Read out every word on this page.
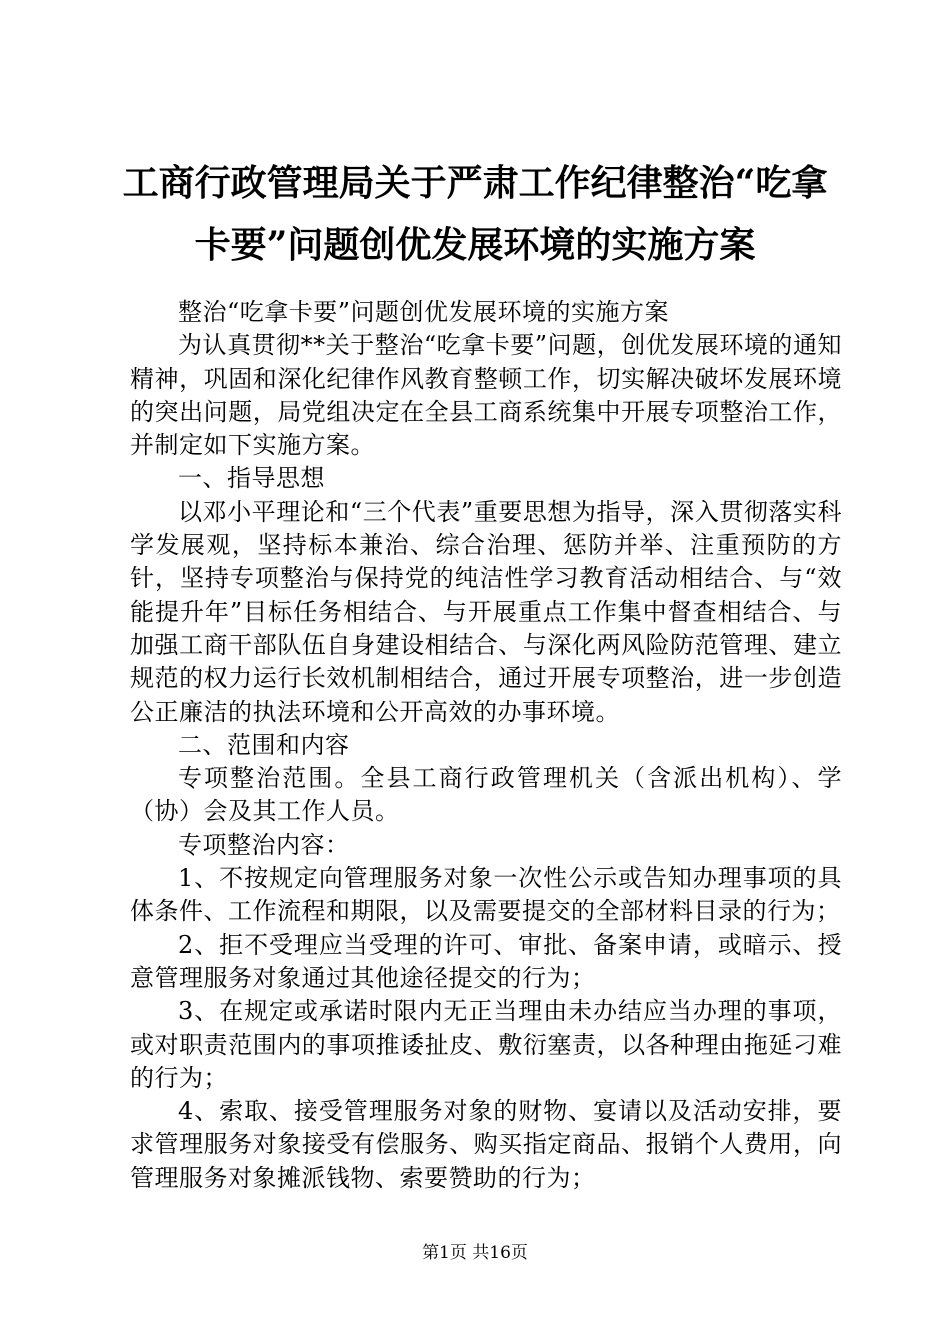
工商行政管理局关于严肃工作纪律整治“吃拿卡要”问题创优发展环境的实施方案

整治“吃拿卡要”问题创优发展环境的实施方案

为认真贯彻**关于整治“吃拿卡要”问题，创优发展环境的通知精神，巩固和深化纪律作风教育整顿工作，切实解决破坏发展环境的突出问题，局党组决定在全县工商系统集中开展专项整治工作，并制定如下实施方案。

一、指导思想

以邓小平理论和“三个代表”重要思想为指导，深入贯彻落实科学发展观，坚持标本兼治、综合治理、惩防并举、注重预防的方针，坚持专项整治与保持党的纯洁性学习教育活动相结合、与“效能提升年”目标任务相结合、与开展重点工作集中督查相结合、与加强工商干部队伍自身建设相结合、与深化两风险防范管理、建立规范的权力运行长效机制相结合，通过开展专项整治，进一步创造公正廉洁的执法环境和公开高效的办事环境。

二、范围和内容

专项整治范围。全县工商行政管理机关（含派出机构）、学（协）会及其工作人员。

专项整治内容：

1、不按规定向管理服务对象一次性公示或告知办理事项的具体条件、工作流程和期限，以及需要提交的全部材料目录的行为；

2、拒不受理应当受理的许可、审批、备案申请，或暗示、授意管理服务对象通过其他途径提交的行为；

3、在规定或承诺时限内无正当理由未办结应当办理的事项，或对职责范围内的事项推诿扯皮、敷衍塞责，以各种理由拖延刁难的行为；

4、索取、接受管理服务对象的财物、宴请以及活动安排，要求管理服务对象接受有偿服务、购买指定商品、报销个人费用，向管理服务对象摊派钱物、索要赞助的行为；

第1页 共16页
